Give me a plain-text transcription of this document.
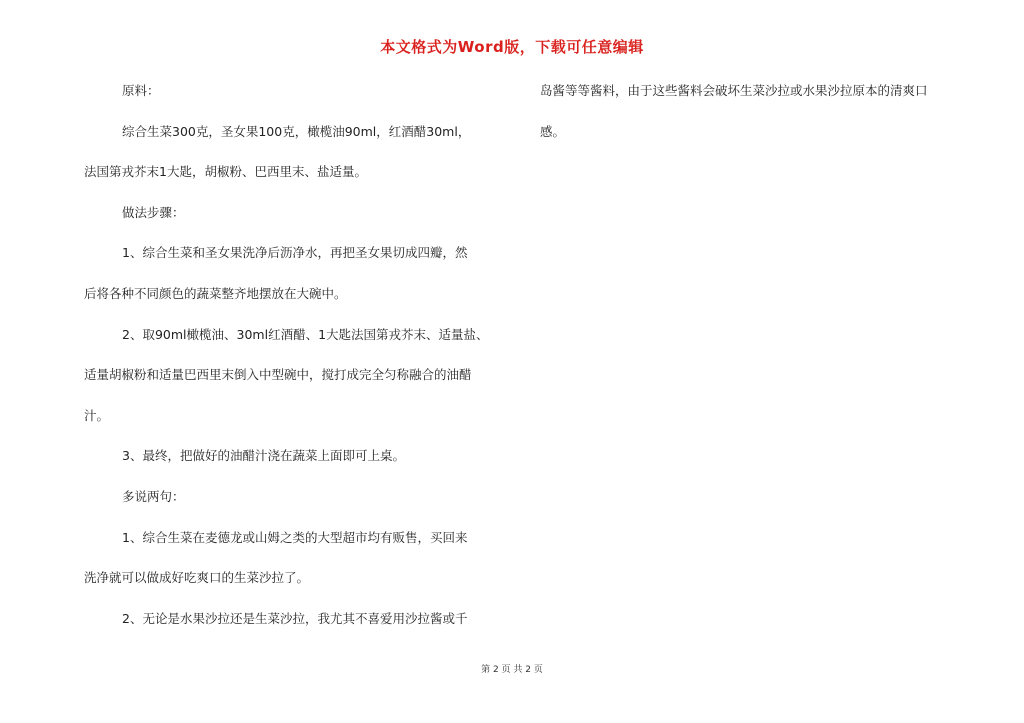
本文格式为Word版，下载可任意编辑
原料：
综合生菜300克，圣女果100克，橄榄油90ml，红酒醋30ml，
法国第戎芥末1大匙，胡椒粉、巴西里末、盐适量。
做法步骤：
1、综合生菜和圣女果洗净后沥净水，再把圣女果切成四瓣，然
后将各种不同颜色的蔬菜整齐地摆放在大碗中。
2、取90ml橄榄油、30ml红酒醋、1大匙法国第戎芥末、适量盐、
适量胡椒粉和适量巴西里末倒入中型碗中，搅打成完全匀称融合的油醋
汁。
3、最终，把做好的油醋汁浇在蔬菜上面即可上桌。
多说两句：
1、综合生菜在麦德龙或山姆之类的大型超市均有贩售，买回来
洗净就可以做成好吃爽口的生菜沙拉了。
2、无论是水果沙拉还是生菜沙拉，我尤其不喜爱用沙拉酱或千
岛酱等等酱料，由于这些酱料会破坏生菜沙拉或水果沙拉原本的清爽口
感。
第 2 页 共 2 页
